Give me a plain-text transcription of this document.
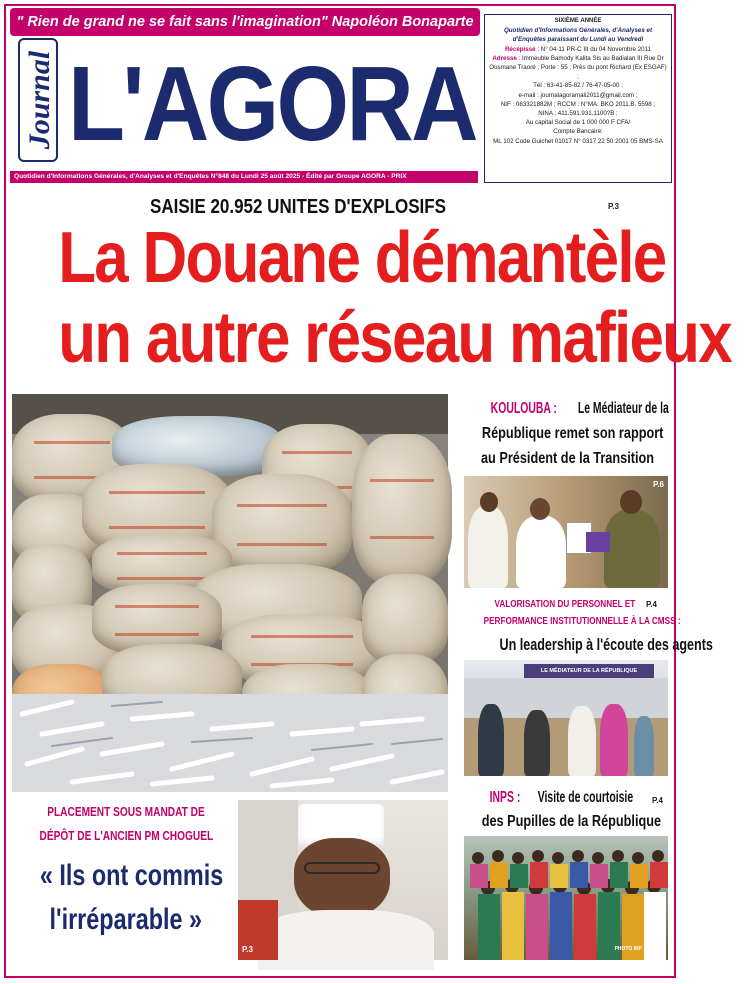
" Rien de grand ne se fait sans l'imagination" Napoléon Bonaparte
Journal L'AGORA
Quotidien d'Informations Générales, d'Analyses et d'Enquêtes N°848 du Lundi 25 août 2025 - Édité par Groupe AGORA - PRIX
SIXIÈME ANNÉE
Quotidien d'Informations Générales, d'Analyses et d'Enquêtes paraissant du Lundi au Vendredi
Récépissé : N° 04-11 PR-C III du 04 Novembre 2011
Adresse : Immeuble Bamody Kalita Sis au Badialan III Rue Dr Ousmane Traoré ; Porte : 55 ; Près du pont Richard (Ex ESGAF) ;
Tél : 63-41-85-82 / 76-47-05-00 ;
e-mail : journalagoramali2011@gmail.com ;
NIF : 083321882M ; RCCM : N°MA. BKO 2011.B. 5598 ;
NINA : 411.591.931.1100?B ;
Au capital Social de 1 000 000 F CFA/
Compte Bancaire:
ML 102 Code Guichet 01017 N° 0317 22 50 2001 05 BMS-SA
SAISIE 20.952 UNITES D'EXPLOSIFS	P.3
La Douane démantèle
un autre réseau mafieux
KOULOUBA : Le Médiateur de la
République remet son rapport
au Président de la Transition
P.6
VALORISATION DU PERSONNEL ET
PERFORMANCE INSTITUTIONNELLE À LA CMSS :
P.4
Un leadership à l'écoute des agents
LE MÉDIATEUR DE LA RÉPUBLIQUE
INPS : Visite de courtoisie
des Pupilles de la République
P.4
PHOTO INP P.4
PLACEMENT SOUS MANDAT DE
DÉPÔT DE L'ANCIEN PM CHOGUEL
« Ils ont commis
l'irréparable »
P.3
